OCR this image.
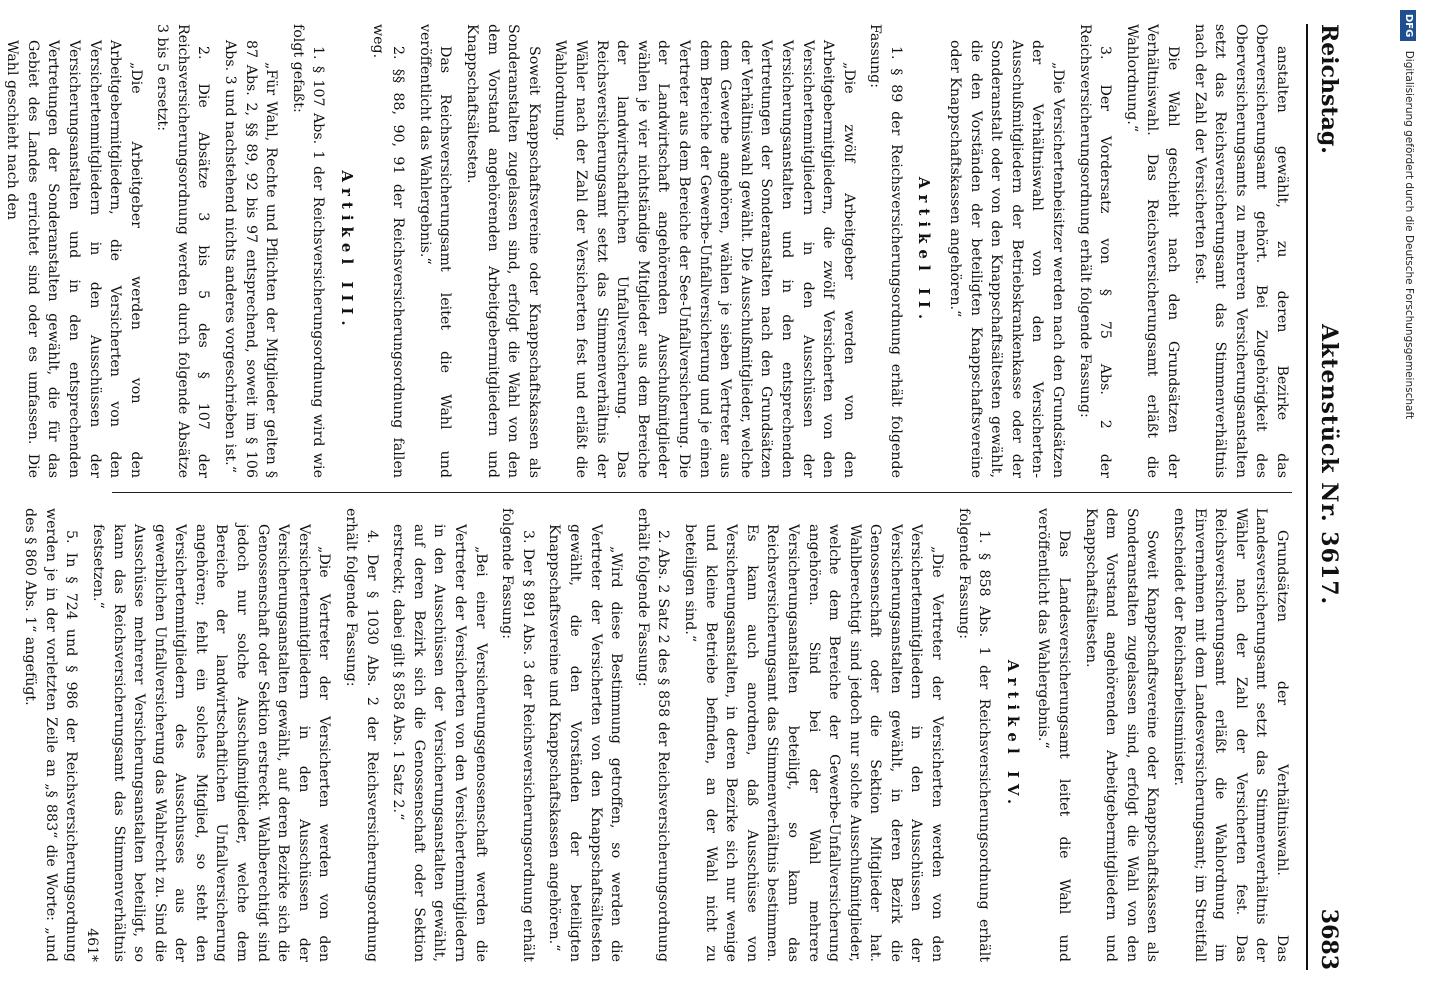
Reichstag.
Aktenstück Nr. 3617.
3683

anstalten gewählt, zu deren Bezirke das Oberversicherungsamt gehört. Bei Zugehörigkeit des Oberversicherungsamts zu mehreren Versicherungsanstalten setzt das Reichsversicherungsamt das Stimmenverhältnis nach der Zahl der Versicherten fest.

Die Wahl geschieht nach den Grundsätzen der Verhältniswahl. Das Reichsversicherungsamt erläßt die Wahlordnung.“

3. Der Vordersatz von § 75 Abs. 2 der Reichsversicherungsordnung erhält folgende Fassung:

„Die Versichertenbeisitzer werden nach den Grundsätzen der Verhältniswahl von den Versicherten-Ausschußmitgliedern der Betriebskrankenkasse oder der Sonderanstalt oder von den Knappschaftsältesten gewählt, die den Vorständen der beteiligten Knappschaftsvereine oder Knappschaftskassen angehören.“

Artikel II.

1. § 89 der Reichsversicherungsordnung erhält folgende Fassung:

„Die zwölf Arbeitgeber werden von den Arbeitgebermitgliedern, die zwölf Versicherten von den Versichertenmitgliedern in den Ausschüssen der Versicherungsanstalten und in den entsprechenden Vertretungen der Sonderanstalten nach den Grundsätzen der Verhältniswahl gewählt. Die Ausschußmitglieder, welche dem Gewerbe angehören, wählen je sieben Vertreter aus dem Bereiche der Gewerbe-Unfallversicherung und je einen Vertreter aus dem Bereiche der See-Unfallversicherung. Die der Landwirtschaft angehörenden Ausschußmitglieder wählen je vier nichtständige Mitglieder aus dem Bereiche der landwirtschaftlichen Unfallversicherung. Das Reichsversicherungsamt setzt das Stimmenverhältnis der Wähler nach der Zahl der Versicherten fest und erläßt die Wahlordnung.

Soweit Knappschaftsvereine oder Knappschaftskassen als Sonderanstalten zugelassen sind, erfolgt die Wahl von den dem Vorstand angehörenden Arbeitgebermitgliedern und Knappschaftsältesten.

Das Reichsversicherungsamt leitet die Wahl und veröffentlicht das Wahlergebnis.“

2. §§ 88, 90, 91 der Reichsversicherungsordnung fallen weg.

Artikel III.

1. § 107 Abs. 1 der Reichsversicherungsordnung wird wie folgt gefaßt:

„Für Wahl, Rechte und Pflichten der Mitglieder gelten § 87 Abs. 2, §§ 89, 92 bis 97 entsprechend, soweit im § 106 Abs. 3 und nachstehend nichts anderes vorgeschrieben ist.“

2. Die Absätze 3 bis 5 des § 107 der Reichsversicherungsordnung werden durch folgende Absätze 3 bis 5 ersetzt:

„Die Arbeitgeber werden von den Arbeitgebermitgliedern, die Versicherten von den Versichertenmitgliedern in den Ausschüssen der Versicherungsanstalten und in den entsprechenden Vertretungen der Sonderanstalten gewählt, die für das Gebiet des Landes errichtet sind oder es umfassen. Die Wahl geschieht nach den

Grundsätzen der Verhältniswahl. Das Landesversicherungsamt setzt das Stimmenverhältnis der Wähler nach der Zahl der Versicherten fest. Das Reichsversicherungsamt erläßt die Wahlordnung im Einvernehmen mit dem Landesversicherungsamt; im Streitfall entscheidet der Reichsarbeitsminister.

Soweit Knappschaftsvereine oder Knappschaftskassen als Sonderanstalten zugelassen sind, erfolgt die Wahl von den dem Vorstand angehörenden Arbeitgebermitgliedern und Knappschaftsältesten.

Das Landesversicherungsamt leitet die Wahl und veröffentlicht das Wahlergebnis.“

Artikel IV.

1. § 858 Abs. 1 der Reichsversicherungsordnung erhält folgende Fassung:

„Die Vertreter der Versicherten werden von den Versichertenmitgliedern in den Ausschüssen der Versicherungsanstalten gewählt, in deren Bezirk die Genossenschaft oder die Sektion Mitglieder hat. Wahlberechtigt sind jedoch nur solche Ausschußmitglieder, welche dem Bereiche der Gewerbe-Unfallversicherung angehören. Sind bei der Wahl mehrere Versicherungsanstalten beteiligt, so kann das Reichsversicherungsamt das Stimmenverhältnis bestimmen. Es kann auch anordnen, daß Ausschüsse von Versicherungsanstalten, in deren Bezirke sich nur wenige und kleine Betriebe befinden, an der Wahl nicht zu beteiligen sind.“

2. Abs. 2 Satz 2 des § 858 der Reichsversicherungsordnung erhält folgende Fassung:

„Wird diese Bestimmung getroffen, so werden die Vertreter der Versicherten von den Knappschaftsältesten gewählt, die den Vorständen der beteiligten Knappschaftsvereine und Knappschaftskassen angehören.“

3. Der § 891 Abs. 3 der Reichsversicherungsordnung erhält folgende Fassung:

„Bei einer Versicherungsgenossenschaft werden die Vertreter der Versicherten von den Versichertenmitgliedern in den Ausschüssen der Versicherungsanstalten gewählt, auf deren Bezirk sich die Genossenschaft oder Sektion erstreckt; dabei gilt § 858 Abs. 1 Satz 2.“

4. Der § 1030 Abs. 2 der Reichsversicherungsordnung erhält folgende Fassung:

„Die Vertreter der Versicherten werden von den Versichertenmitgliedern in den Ausschüssen der Versicherungsanstalten gewählt, auf deren Bezirke sich die Genossenschaft oder Sektion erstreckt. Wahlberechtigt sind jedoch nur solche Ausschußmitglieder, welche dem Bereiche der landwirtschaftlichen Unfallversicherung angehören; fehlt ein solches Mitglied, so steht den Versichertenmitgliedern des Ausschusses aus der gewerblichen Unfallversicherung das Wahlrecht zu. Sind die Ausschüsse mehrerer Versicherungsanstalten beteiligt, so kann das Reichsversicherungsamt das Stimmenverhältnis festsetzen.“

5. In § 724 und § 986 der Reichsversicherungsordnung werden je in der vorletzten Zeile an „§ 883“ die Worte: „und des § 860 Abs. 1“ angefügt.

461*
DFG Digitalisierung gefördert durch die Deutsche Forschungsgemeinschaft
